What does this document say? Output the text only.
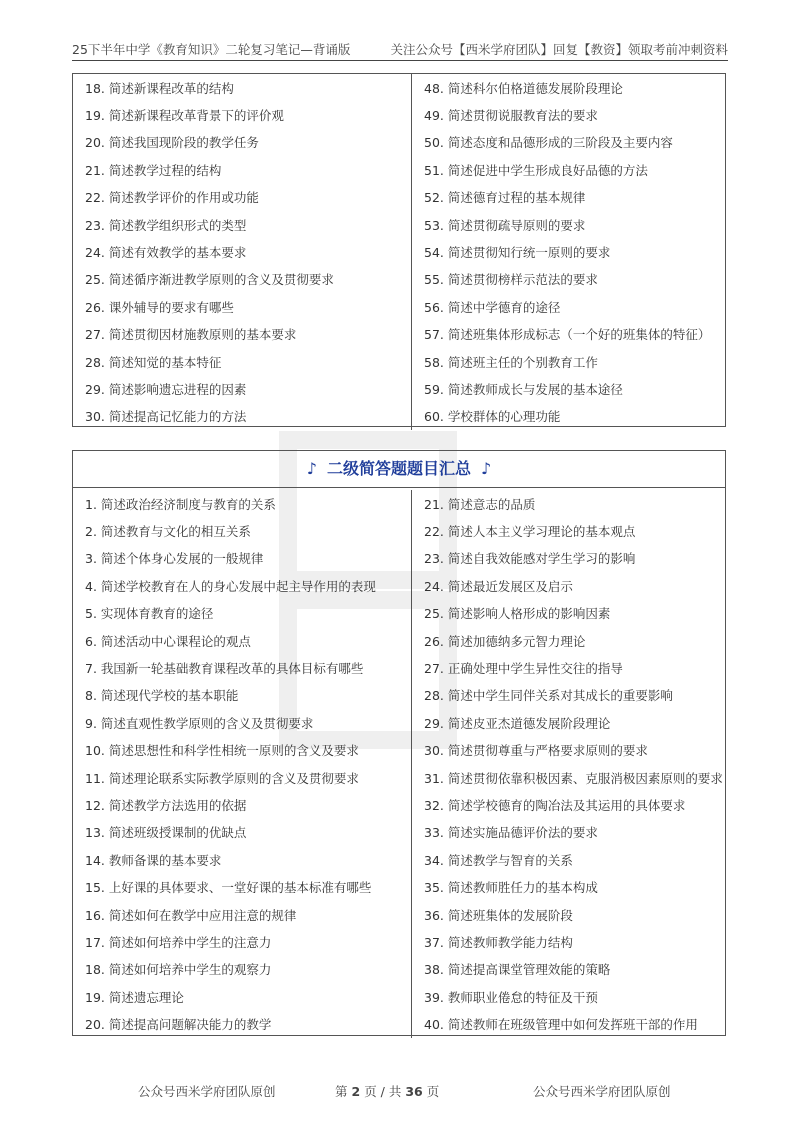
25下半年中学《教育知识》二轮复习笔记—背诵版	关注公众号【西米学府团队】回复【教资】领取考前冲刺资料
18. 简述新课程改革的结构	48. 简述科尔伯格道德发展阶段理论
19. 简述新课程改革背景下的评价观	49. 简述贯彻说服教育法的要求
20. 简述我国现阶段的教学任务	50. 简述态度和品德形成的三阶段及主要内容
21. 简述教学过程的结构	51. 简述促进中学生形成良好品德的方法
22. 简述教学评价的作用或功能	52. 简述德育过程的基本规律
23. 简述教学组织形式的类型	53. 简述贯彻疏导原则的要求
24. 简述有效教学的基本要求	54. 简述贯彻知行统一原则的要求
25. 简述循序渐进教学原则的含义及贯彻要求	55. 简述贯彻榜样示范法的要求
26. 课外辅导的要求有哪些	56. 简述中学德育的途径
27. 简述贯彻因材施教原则的基本要求	57. 简述班集体形成标志（一个好的班集体的特征）
28. 简述知觉的基本特征	58. 简述班主任的个别教育工作
29. 简述影响遗忘进程的因素	59. 简述教师成长与发展的基本途径
30. 简述提高记忆能力的方法	60. 学校群体的心理功能
♪ 二级简答题题目汇总 ♪
1. 简述政治经济制度与教育的关系	21. 简述意志的品质
2. 简述教育与文化的相互关系	22. 简述人本主义学习理论的基本观点
3. 简述个体身心发展的一般规律	23. 简述自我效能感对学生学习的影响
4. 简述学校教育在人的身心发展中起主导作用的表现	24. 简述最近发展区及启示
5. 实现体育教育的途径	25. 简述影响人格形成的影响因素
6. 简述活动中心课程论的观点	26. 简述加德纳多元智力理论
7. 我国新一轮基础教育课程改革的具体目标有哪些	27. 正确处理中学生异性交往的指导
8. 简述现代学校的基本职能	28. 简述中学生同伴关系对其成长的重要影响
9. 简述直观性教学原则的含义及贯彻要求	29. 简述皮亚杰道德发展阶段理论
10. 简述思想性和科学性相统一原则的含义及要求	30. 简述贯彻尊重与严格要求原则的要求
11. 简述理论联系实际教学原则的含义及贯彻要求	31. 简述贯彻依靠积极因素、克服消极因素原则的要求
12. 简述教学方法选用的依据	32. 简述学校德育的陶冶法及其运用的具体要求
13. 简述班级授课制的优缺点	33. 简述实施品德评价法的要求
14. 教师备课的基本要求	34. 简述教学与智育的关系
15. 上好课的具体要求、一堂好课的基本标准有哪些	35. 简述教师胜任力的基本构成
16. 简述如何在教学中应用注意的规律	36. 简述班集体的发展阶段
17. 简述如何培养中学生的注意力	37. 简述教师教学能力结构
18. 简述如何培养中学生的观察力	38. 简述提高课堂管理效能的策略
19. 简述遗忘理论	39. 教师职业倦怠的特征及干预
20. 简述提高问题解决能力的教学	40. 简述教师在班级管理中如何发挥班干部的作用
公众号西米学府团队原创	第 2 页 / 共 36 页	公众号西米学府团队原创
